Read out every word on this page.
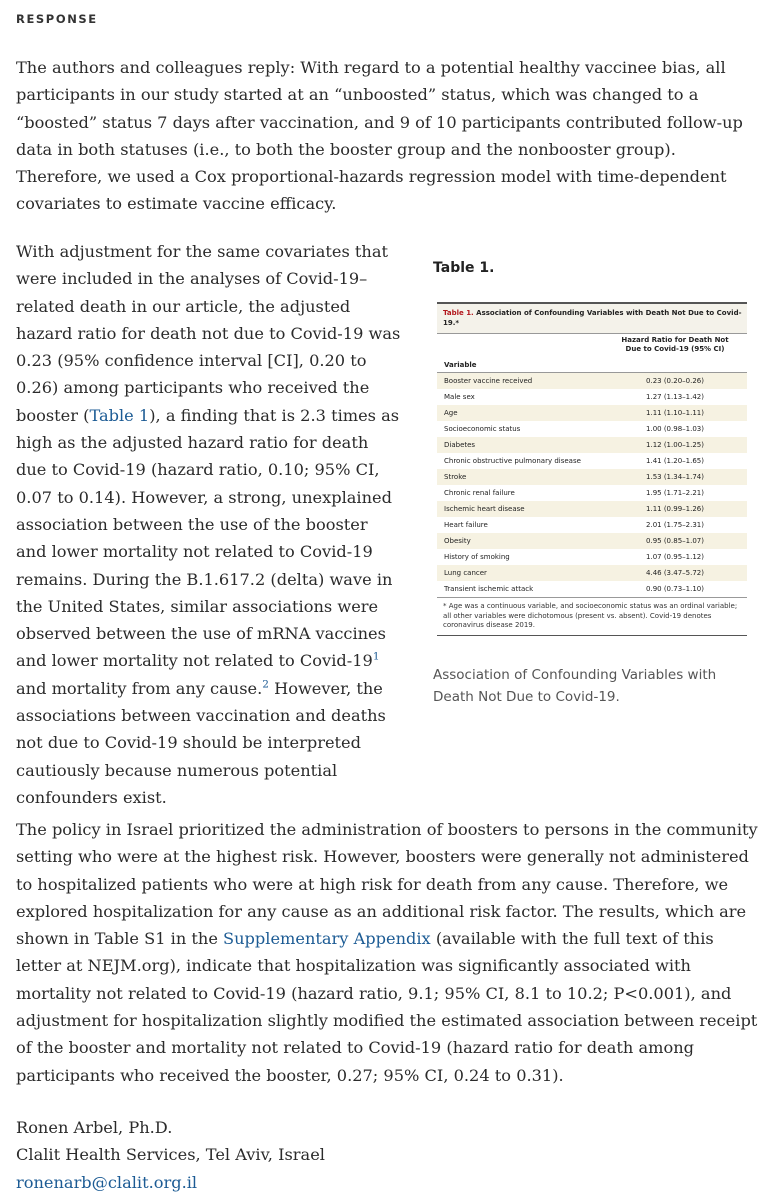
RESPONSE

The authors and colleagues reply: With regard to a potential healthy vaccinee bias, all participants in our study started at an “unboosted” status, which was changed to a “boosted” status 7 days after vaccination, and 9 of 10 participants contributed follow-up data in both statuses (i.e., to both the booster group and the nonbooster group). Therefore, we used a Cox proportional-hazards regression model with time-dependent covariates to estimate vaccine efficacy.

With adjustment for the same covariates that were included in the analyses of Covid-19–related death in our article, the adjusted hazard ratio for death not due to Covid-19 was 0.23 (95% confidence interval [CI], 0.20 to 0.26) among participants who received the booster (Table 1), a finding that is 2.3 times as high as the adjusted hazard ratio for death due to Covid-19 (hazard ratio, 0.10; 95% CI, 0.07 to 0.14). However, a strong, unexplained association between the use of the booster and lower mortality not related to Covid-19 remains. During the B.1.617.2 (delta) wave in the United States, similar associations were observed between the use of mRNA vaccines and lower mortality not related to Covid-$19^1$ and mortality from any cause.$^2$ However, the associations between vaccination and deaths not due to Covid-19 should be interpreted cautiously because numerous potential confounders exist.

Table 1.
Table 1. Association of Confounding Variables with Death Not Due to Covid-19.*
Variable
Hazard Ratio for Death Not Due to Covid-19 (95% CI)
Booster vaccine received	0.23 (0.20–0.26)
Male sex	1.27 (1.13–1.42)
Age	1.11 (1.10–1.11)
Socioeconomic status	1.00 (0.98–1.03)
Diabetes	1.12 (1.00–1.25)
Chronic obstructive pulmonary disease	1.41 (1.20–1.65)
Stroke	1.53 (1.34–1.74)
Chronic renal failure	1.95 (1.71–2.21)
Ischemic heart disease	1.11 (0.99–1.26)
Heart failure	2.01 (1.75–2.31)
Obesity	0.95 (0.85–1.07)
History of smoking	1.07 (0.95–1.12)
Lung cancer	4.46 (3.47–5.72)
Transient ischemic attack	0.90 (0.73–1.10)
* Age was a continuous variable, and socioeconomic status was an ordinal variable; all other variables were dichotomous (present vs. absent). Covid-19 denotes coronavirus disease 2019.
Association of Confounding Variables with Death Not Due to Covid-19.

The policy in Israel prioritized the administration of boosters to persons in the community setting who were at the highest risk. However, boosters were generally not administered to hospitalized patients who were at high risk for death from any cause. Therefore, we explored hospitalization for any cause as an additional risk factor. The results, which are shown in Table S1 in the Supplementary Appendix (available with the full text of this letter at NEJM.org), indicate that hospitalization was significantly associated with mortality not related to Covid-19 (hazard ratio, 9.1; 95% CI, 8.1 to 10.2; P<0.001), and adjustment for hospitalization slightly modified the estimated association between receipt of the booster and mortality not related to Covid-19 (hazard ratio for death among participants who received the booster, 0.27; 95% CI, 0.24 to 0.31).

Ronen Arbel, Ph.D.
Clalit Health Services, Tel Aviv, Israel
ronenarb@clalit.org.il
